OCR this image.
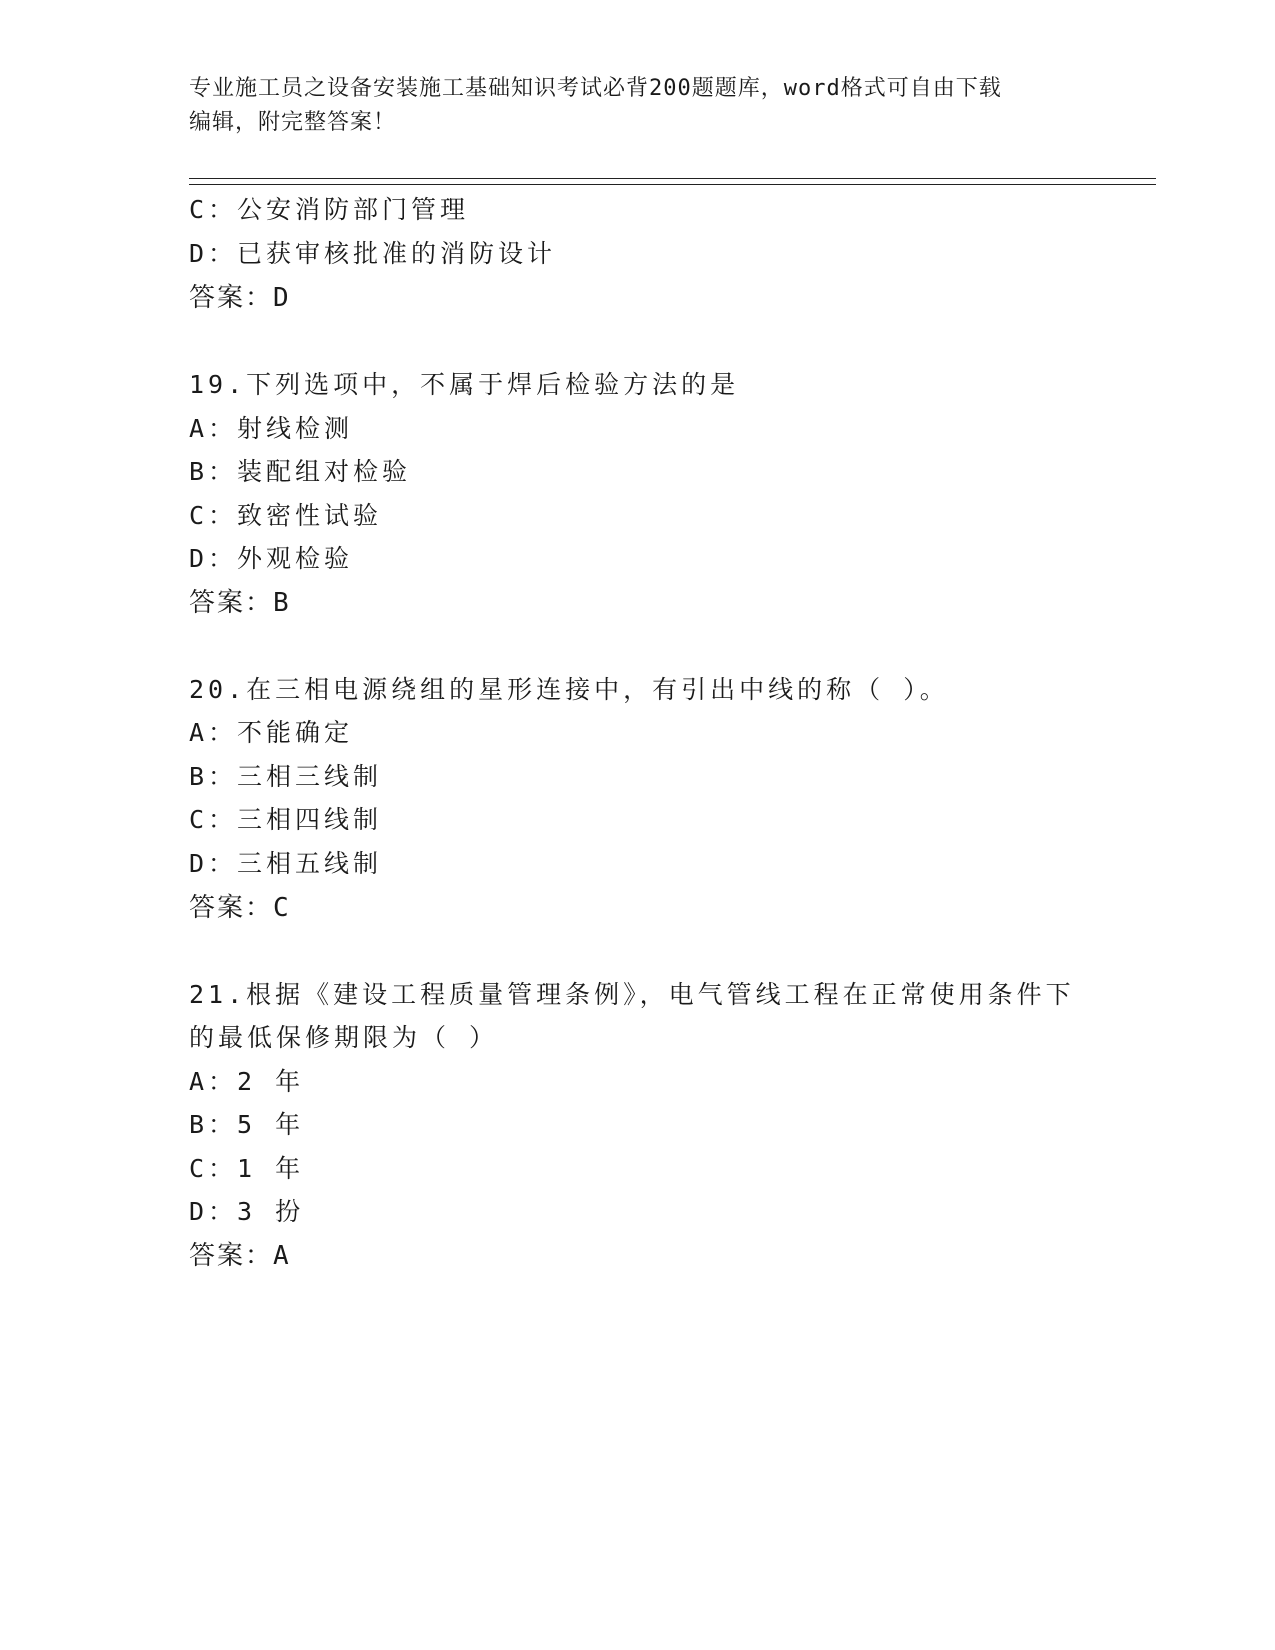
专业施工员之设备安装施工基础知识考试必背200题题库，word格式可自由下载
编辑，附完整答案！
C：公安消防部门管理
D：已获审核批准的消防设计
答案：D
19.下列选项中，不属于焊后检验方法的是
A：射线检测
B：装配组对检验
C：致密性试验
D：外观检验
答案：B
20.在三相电源绕组的星形连接中，有引出中线的称（ ）。
A：不能确定
B：三相三线制
C：三相四线制
D：三相五线制
答案：C
21.根据《建设工程质量管理条例》，电气管线工程在正常使用条件下
的最低保修期限为（ ）
A：2 年
B：5 年
C：1 年
D：3 扮
答案：A
